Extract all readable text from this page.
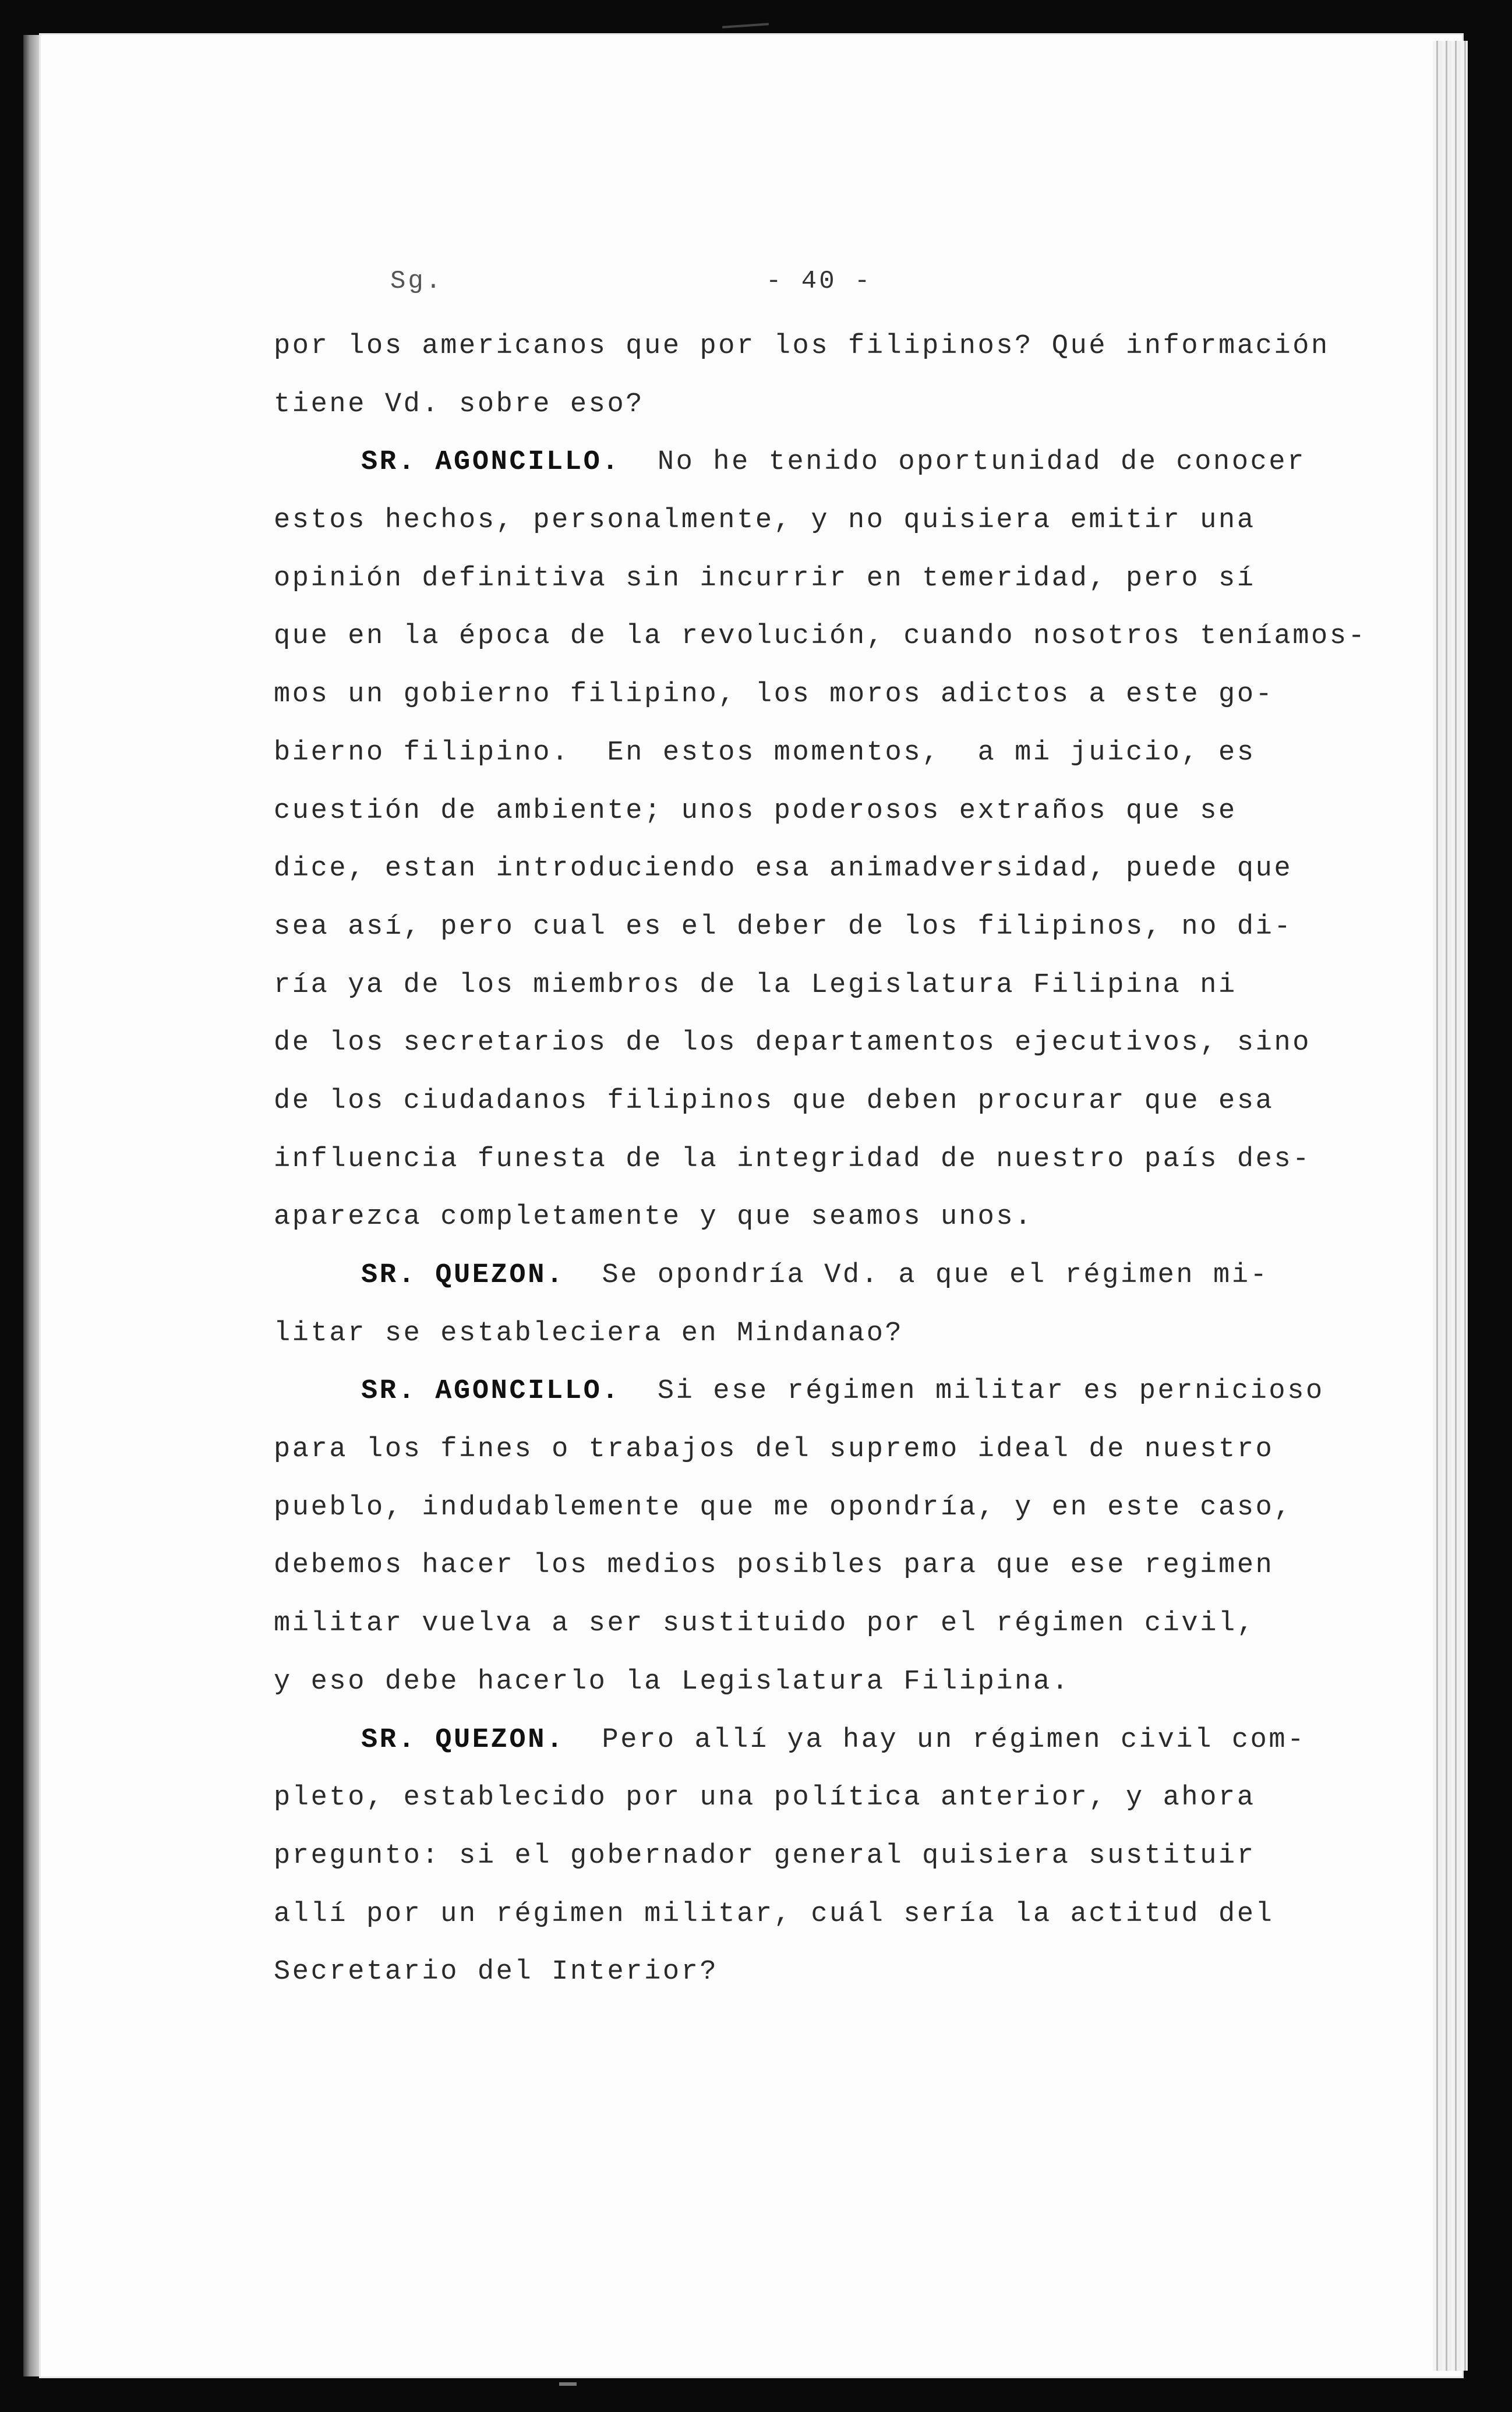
Sg.	- 40 -
por los americanos que por los filipinos? Qué información
tiene Vd. sobre eso?
SR. AGONCILLO.  No he tenido oportunidad de conocer
estos hechos, personalmente, y no quisiera emitir una
opinión definitiva sin incurrir en temeridad, pero sí
que en la época de la revolución, cuando nosotros teníamos-
mos un gobierno filipino, los moros adictos a este go-
bierno filipino.  En estos momentos,  a mi juicio, es
cuestión de ambiente; unos poderosos extraños que se
dice, estan introduciendo esa animadversidad, puede que
sea así, pero cual es el deber de los filipinos, no di-
ría ya de los miembros de la Legislatura Filipina ni
de los secretarios de los departamentos ejecutivos, sino
de los ciudadanos filipinos que deben procurar que esa
influencia funesta de la integridad de nuestro país des-
aparezca completamente y que seamos unos.
SR. QUEZON.  Se opondría Vd. a que el régimen mi-
litar se estableciera en Mindanao?
SR. AGONCILLO.  Si ese régimen militar es pernicioso
para los fines o trabajos del supremo ideal de nuestro
pueblo, indudablemente que me opondría, y en este caso,
debemos hacer los medios posibles para que ese regimen
militar vuelva a ser sustituido por el régimen civil,
y eso debe hacerlo la Legislatura Filipina.
SR. QUEZON.  Pero allí ya hay un régimen civil com-
pleto, establecido por una política anterior, y ahora
pregunto: si el gobernador general quisiera sustituir
allí por un régimen militar, cuál sería la actitud del
Secretario del Interior?
